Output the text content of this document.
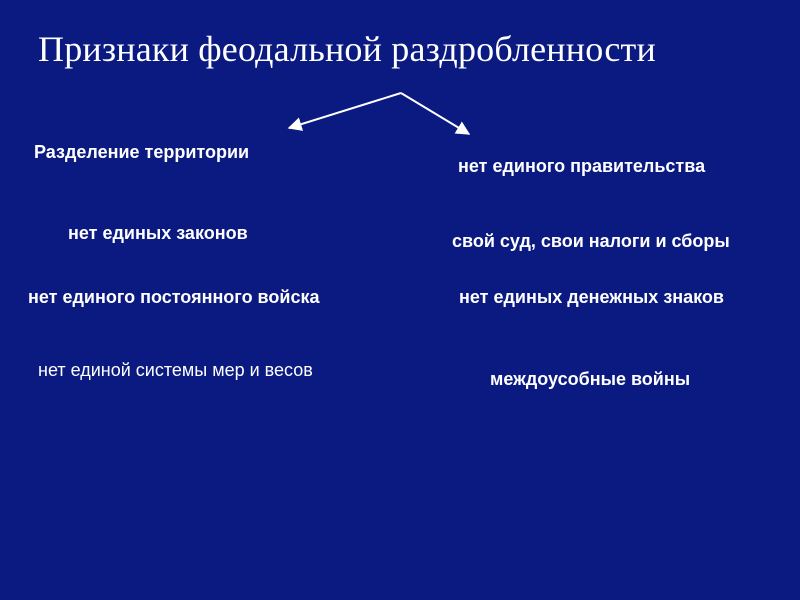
Признаки феодальной раздробленности
Разделение территории
нет единых законов
нет единого постоянного войска
нет единой системы мер и весов
нет единого правительства
свой суд, свои налоги и сборы
нет единых денежных знаков
междоусобные войны
